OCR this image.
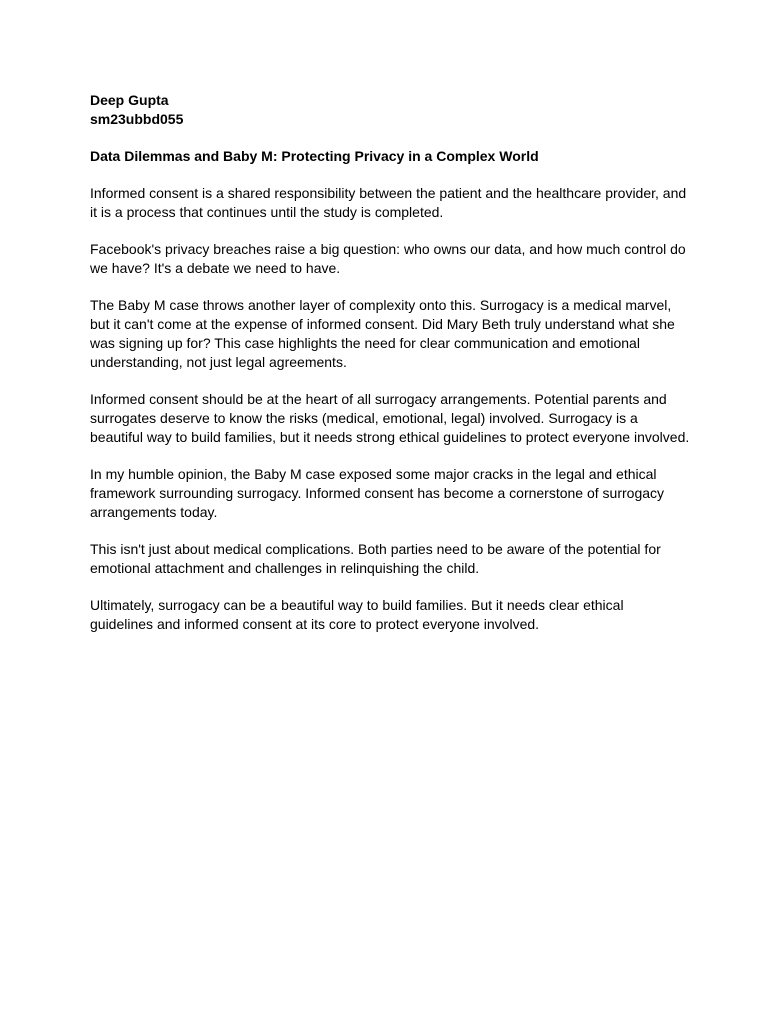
Deep Gupta

sm23ubbd055

Data Dilemmas and Baby M: Protecting Privacy in a Complex World

Informed consent is a shared responsibility between the patient and the healthcare provider, and it is a process that continues until the study is completed.

Facebook's privacy breaches raise a big question: who owns our data, and how much control do we have? It's a debate we need to have.

The Baby M case throws another layer of complexity onto this. Surrogacy is a medical marvel, but it can't come at the expense of informed consent. Did Mary Beth truly understand what she was signing up for? This case highlights the need for clear communication and emotional understanding, not just legal agreements.

Informed consent should be at the heart of all surrogacy arrangements. Potential parents and surrogates deserve to know the risks (medical, emotional, legal) involved. Surrogacy is a beautiful way to build families, but it needs strong ethical guidelines to protect everyone involved.

In my humble opinion, the Baby M case exposed some major cracks in the legal and ethical framework surrounding surrogacy. Informed consent has become a cornerstone of surrogacy arrangements today.

This isn't just about medical complications. Both parties need to be aware of the potential for emotional attachment and challenges in relinquishing the child.

Ultimately, surrogacy can be a beautiful way to build families. But it needs clear ethical guidelines and informed consent at its core to protect everyone involved.
